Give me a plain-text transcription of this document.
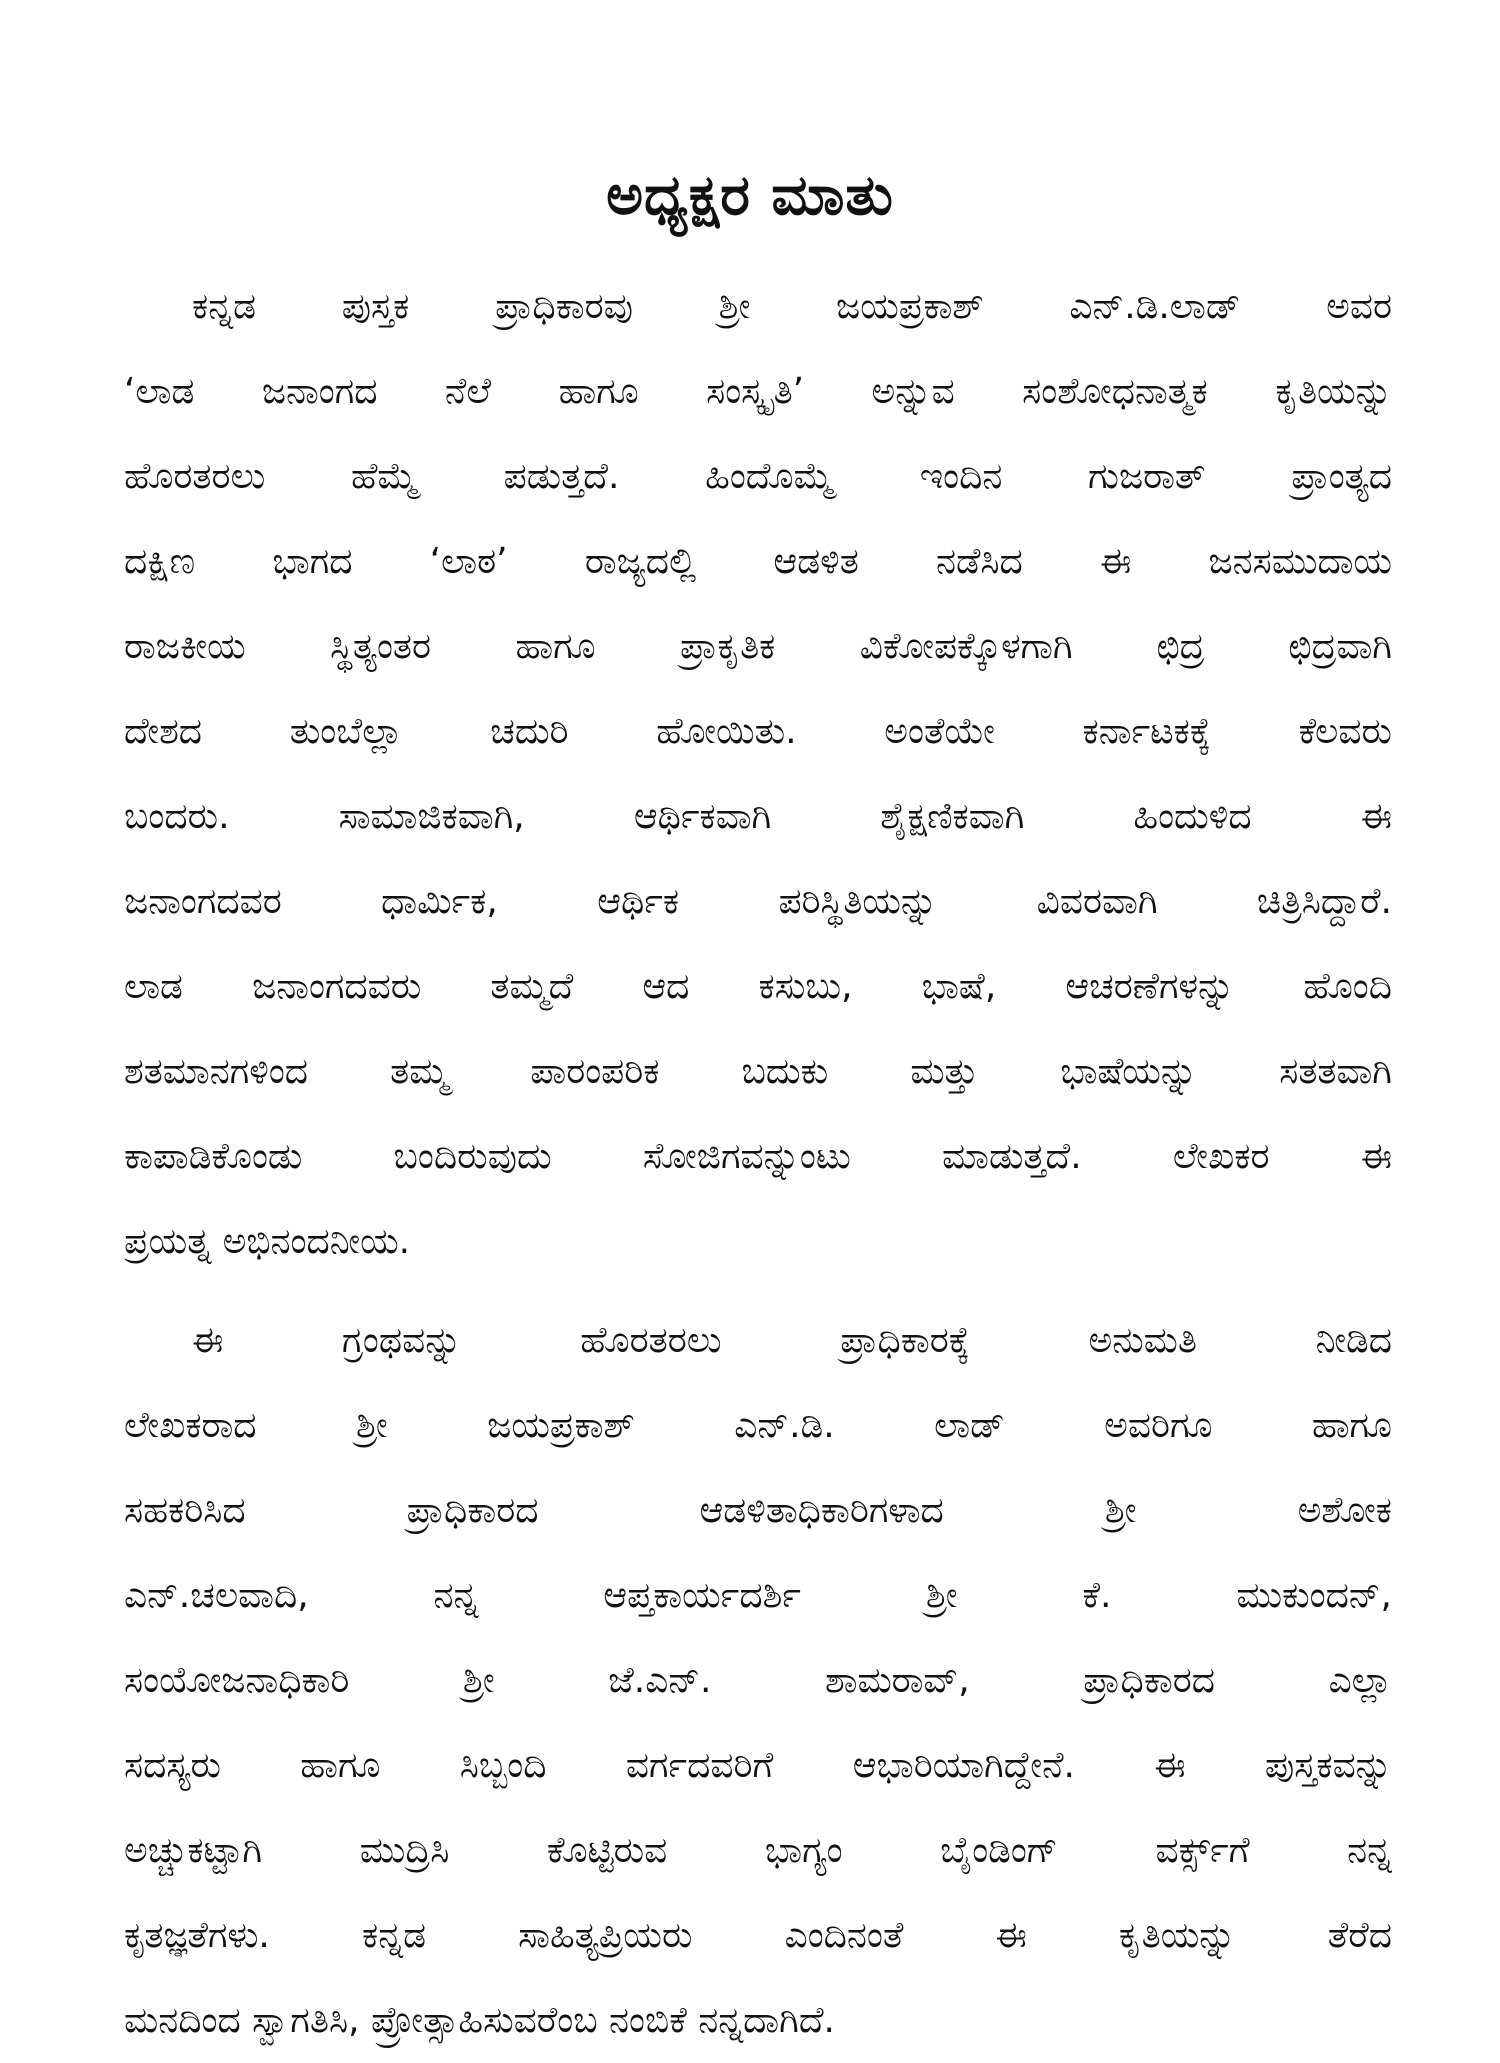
ಅಧ್ಯಕ್ಷರ ಮಾತು

ಕನ್ನಡ ಪುಸ್ತಕ ಪ್ರಾಧಿಕಾರವು ಶ್ರೀ ಜಯಪ್ರಕಾಶ್ ಎನ್.ಡಿ.ಲಾಡ್ ಅವರ
‘ಲಾಡ ಜನಾಂಗದ ನೆಲೆ ಹಾಗೂ ಸಂಸ್ಕೃತಿ’ ಅನ್ನುವ ಸಂಶೋಧನಾತ್ಮಕ ಕೃತಿಯನ್ನು
ಹೊರತರಲು ಹೆಮ್ಮೆ ಪಡುತ್ತದೆ. ಹಿಂದೊಮ್ಮೆ ಇಂದಿನ ಗುಜರಾತ್ ಪ್ರಾಂತ್ಯದ
ದಕ್ಷಿಣ ಭಾಗದ ‘ಲಾಠ’ ರಾಜ್ಯದಲ್ಲಿ ಆಡಳಿತ ನಡೆಸಿದ ಈ ಜನಸಮುದಾಯ
ರಾಜಕೀಯ ಸ್ಥಿತ್ಯಂತರ ಹಾಗೂ ಪ್ರಾಕೃತಿಕ ವಿಕೋಪಕ್ಕೊಳಗಾಗಿ ಛಿದ್ರ ಛಿದ್ರವಾಗಿ
ದೇಶದ ತುಂಬೆಲ್ಲಾ ಚದುರಿ ಹೋಯಿತು. ಅಂತೆಯೇ ಕರ್ನಾಟಕಕ್ಕೆ ಕೆಲವರು
ಬಂದರು. ಸಾಮಾಜಿಕವಾಗಿ, ಆರ್ಥಿಕವಾಗಿ ಶೈಕ್ಷಣಿಕವಾಗಿ ಹಿಂದುಳಿದ ಈ
ಜನಾಂಗದವರ ಧಾರ್ಮಿಕ, ಆರ್ಥಿಕ ಪರಿಸ್ಥಿತಿಯನ್ನು ವಿವರವಾಗಿ ಚಿತ್ರಿಸಿದ್ದಾರೆ.
ಲಾಡ ಜನಾಂಗದವರು ತಮ್ಮದೆ ಆದ ಕಸುಬು, ಭಾಷೆ, ಆಚರಣೆಗಳನ್ನು ಹೊಂದಿ
ಶತಮಾನಗಳಿಂದ ತಮ್ಮ ಪಾರಂಪರಿಕ ಬದುಕು ಮತ್ತು ಭಾಷೆಯನ್ನು ಸತತವಾಗಿ
ಕಾಪಾಡಿಕೊಂಡು ಬಂದಿರುವುದು ಸೋಜಿಗವನ್ನುಂಟು ಮಾಡುತ್ತದೆ. ಲೇಖಕರ ಈ
ಪ್ರಯತ್ನ ಅಭಿನಂದನೀಯ.

ಈ ಗ್ರಂಥವನ್ನು ಹೊರತರಲು ಪ್ರಾಧಿಕಾರಕ್ಕೆ ಅನುಮತಿ ನೀಡಿದ
ಲೇಖಕರಾದ ಶ್ರೀ ಜಯಪ್ರಕಾಶ್ ಎನ್.ಡಿ. ಲಾಡ್ ಅವರಿಗೂ ಹಾಗೂ
ಸಹಕರಿಸಿದ ಪ್ರಾಧಿಕಾರದ ಆಡಳಿತಾಧಿಕಾರಿಗಳಾದ ಶ್ರೀ ಅಶೋಕ
ಎನ್.ಚಲವಾದಿ, ನನ್ನ ಆಪ್ತಕಾರ್ಯದರ್ಶಿ ಶ್ರೀ ಕೆ. ಮುಕುಂದನ್,
ಸಂಯೋಜನಾಧಿಕಾರಿ ಶ್ರೀ ಜೆ.ಎನ್. ಶಾಮರಾವ್, ಪ್ರಾಧಿಕಾರದ ಎಲ್ಲಾ
ಸದಸ್ಯರು ಹಾಗೂ ಸಿಬ್ಬಂದಿ ವರ್ಗದವರಿಗೆ ಆಭಾರಿಯಾಗಿದ್ದೇನೆ. ಈ ಪುಸ್ತಕವನ್ನು
ಅಚ್ಚುಕಟ್ಟಾಗಿ ಮುದ್ರಿಸಿ ಕೊಟ್ಟಿರುವ ಭಾಗ್ಯಂ ಬೈಂಡಿಂಗ್ ವರ್ಕ್ಸ್‌ಗೆ ನನ್ನ
ಕೃತಜ್ಞತೆಗಳು. ಕನ್ನಡ ಸಾಹಿತ್ಯಪ್ರಿಯರು ಎಂದಿನಂತೆ ಈ ಕೃತಿಯನ್ನು ತೆರೆದ
ಮನದಿಂದ ಸ್ವಾಗತಿಸಿ, ಪ್ರೋತ್ಸಾಹಿಸುವರೆಂಬ ನಂಬಿಕೆ ನನ್ನದಾಗಿದೆ.
